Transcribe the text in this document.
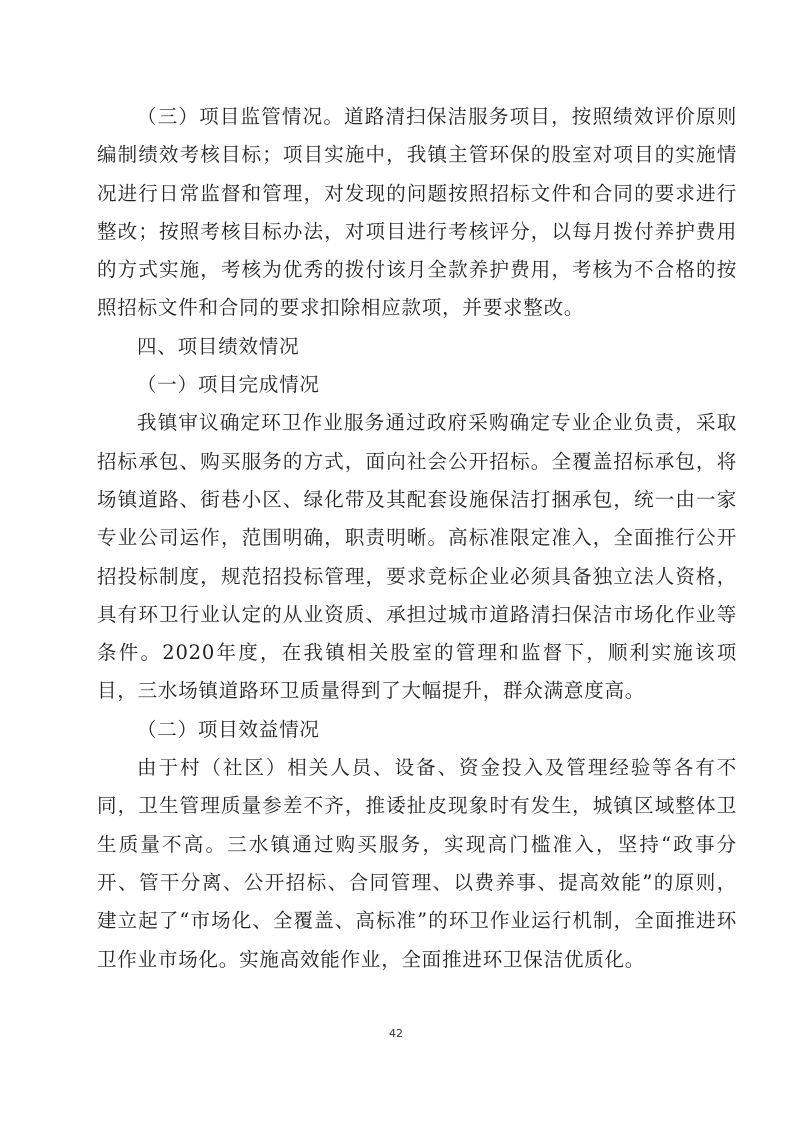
（三）项目监管情况。道路清扫保洁服务项目，按照绩效评价原则编制绩效考核目标；项目实施中，我镇主管环保的股室对项目的实施情况进行日常监督和管理，对发现的问题按照招标文件和合同的要求进行整改；按照考核目标办法，对项目进行考核评分，以每月拨付养护费用的方式实施，考核为优秀的拨付该月全款养护费用，考核为不合格的按照招标文件和合同的要求扣除相应款项，并要求整改。

四、项目绩效情况

（一）项目完成情况

我镇审议确定环卫作业服务通过政府采购确定专业企业负责，采取招标承包、购买服务的方式，面向社会公开招标。全覆盖招标承包，将场镇道路、街巷小区、绿化带及其配套设施保洁打捆承包，统一由一家专业公司运作，范围明确，职责明晰。高标准限定准入，全面推行公开招投标制度，规范招投标管理，要求竞标企业必须具备独立法人资格，具有环卫行业认定的从业资质、承担过城市道路清扫保洁市场化作业等条件。2020年度，在我镇相关股室的管理和监督下，顺利实施该项目，三水场镇道路环卫质量得到了大幅提升，群众满意度高。

（二）项目效益情况

由于村（社区）相关人员、设备、资金投入及管理经验等各有不同，卫生管理质量参差不齐，推诿扯皮现象时有发生，城镇区域整体卫生质量不高。三水镇通过购买服务，实现高门槛准入，坚持“政事分开、管干分离、公开招标、合同管理、以费养事、提高效能”的原则，建立起了“市场化、全覆盖、高标准”的环卫作业运行机制，全面推进环卫作业市场化。实施高效能作业，全面推进环卫保洁优质化。

42
